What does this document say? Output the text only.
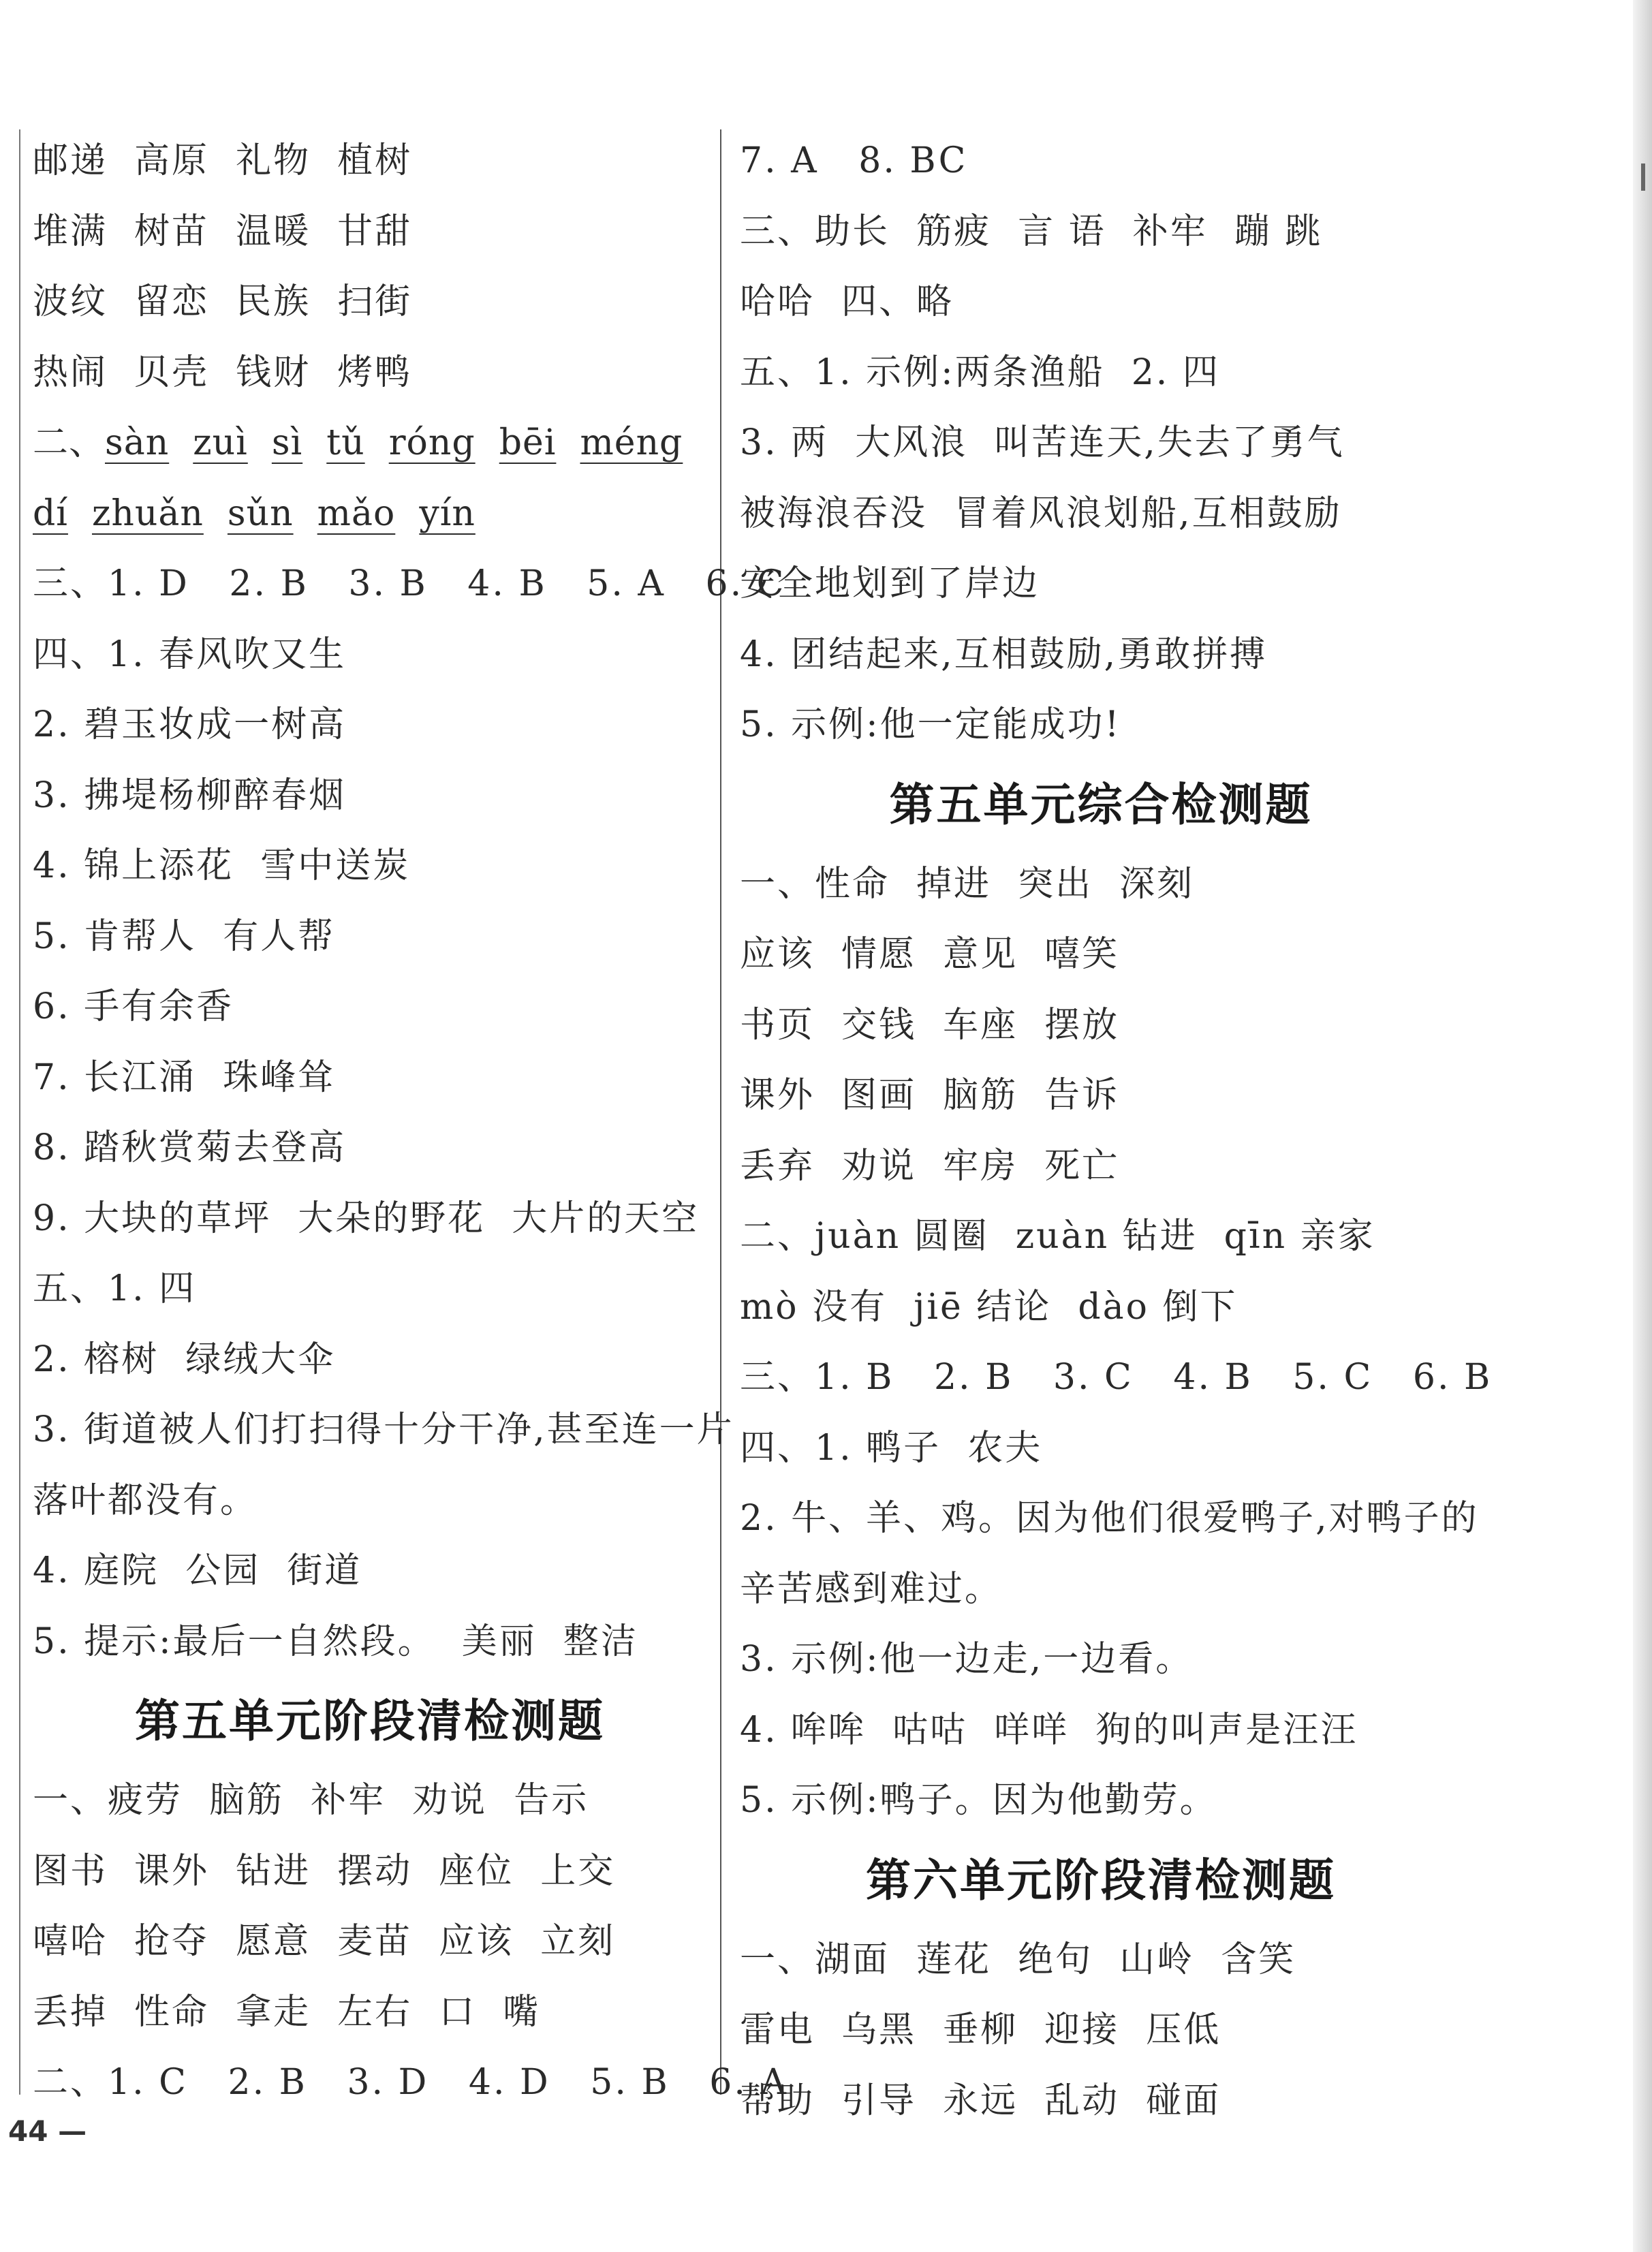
邮递  高原  礼物  植树
堆满  树苗  温暖  甘甜
波纹  留恋  民族  扫街
热闹  贝壳  钱财  烤鸭
二、sàn zuì sì tǔ róng bēi méng
dí zhuǎn sǔn mǎo yín
三、1. D   2. B   3. B   4. B   5. A   6. C
四、1. 春风吹又生
2. 碧玉妆成一树高
3. 拂堤杨柳醉春烟
4. 锦上添花  雪中送炭
5. 肯帮人  有人帮
6. 手有余香
7. 长江涌  珠峰耸
8. 踏秋赏菊去登高
9. 大块的草坪  大朵的野花  大片的天空
五、1. 四
2. 榕树  绿绒大伞
3. 街道被人们打扫得十分干净,甚至连一片
落叶都没有。
4. 庭院  公园  街道
5. 提示:最后一自然段。  美丽  整洁
第五单元阶段清检测题
一、疲劳  脑筋  补牢  劝说  告示
图书  课外  钻进  摆动  座位  上交
嘻哈  抢夺  愿意  麦苗  应该  立刻
丢掉  性命  拿走  左右  口  嘴
二、1. C   2. B   3. D   4. D   5. B   6. A
7. A   8. BC
三、助长  筋疲  言 语  补牢  蹦 跳
哈哈  四、略
五、1. 示例:两条渔船  2. 四
3. 两  大风浪  叫苦连天,失去了勇气
被海浪吞没  冒着风浪划船,互相鼓励
安全地划到了岸边
4. 团结起来,互相鼓励,勇敢拼搏
5. 示例:他一定能成功!
第五单元综合检测题
一、性命  掉进  突出  深刻
应该  情愿  意见  嘻笑
书页  交钱  车座  摆放
课外  图画  脑筋  告诉
丢弃  劝说  牢房  死亡
二、juàn 圆圈  zuàn 钻进  qīn 亲家
mò 没有  jiē 结论  dào 倒下
三、1. B   2. B   3. C   4. B   5. C   6. B
四、1. 鸭子  农夫
2. 牛、羊、鸡。因为他们很爱鸭子,对鸭子的
辛苦感到难过。
3. 示例:他一边走,一边看。
4. 哞哞  咕咕  咩咩  狗的叫声是汪汪
5. 示例:鸭子。因为他勤劳。
第六单元阶段清检测题
一、湖面  莲花  绝句  山岭  含笑
雷电  乌黑  垂柳  迎接  压低
帮助  引导  永远  乱动  碰面
44 —
